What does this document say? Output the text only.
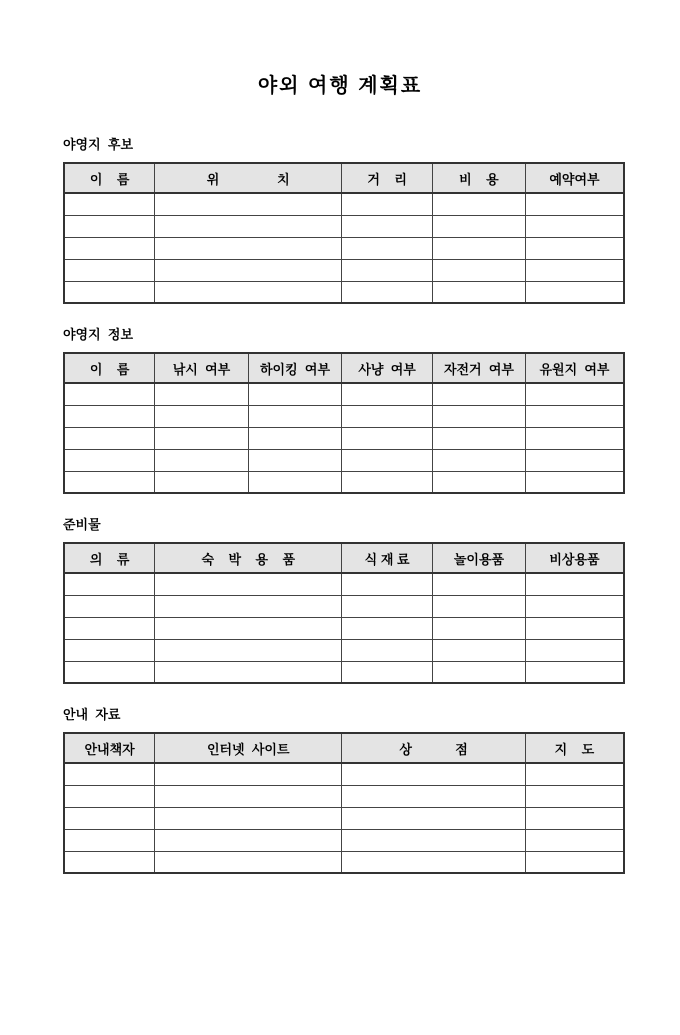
야외 여행 계획표
야영지  후보
이    름	위                치	거    리	비    용	예약여부

야영지  정보
이    름	낚시  여부	하이킹  여부	사냥  여부	자전거  여부	유원지  여부

준비물
의    류	숙    박    용    품	식 재 료	놀이용품	비상용품

안내  자료
안내책자	인터넷  사이트	상            점	지    도
